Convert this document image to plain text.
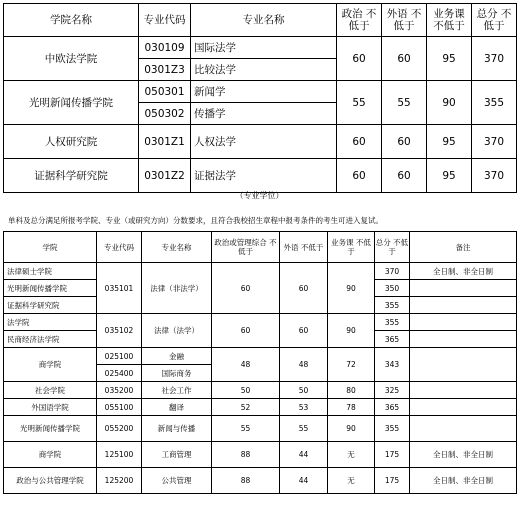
学院名称	专业代码	专业名称	政治 不低于	外语 不低于	业务课 不低于	总分 不低于
中欧法学院	030109	国际法学	60	60	95	370
	0301Z3	比较法学				
光明新闻传播学院	050301	新闻学	55	55	90	355
	050302	传播学				
人权研究院	0301Z1	人权法学	60	60	95	370
证据科学研究院	0301Z2	证据法学	60	60	95	370
（专业学位）
单科及总分满足所报考学院、专业（或研究方向）分数要求，且符合我校招生章程中报考条件的考生可进入复试。
学院	专业代码	专业名称	政治或管理综合 不低于	外语 不低于	业务课 不低于	总分 不低于	备注
法律硕士学院	035101	法律（非法学）	60	60	90	370	全日制、非全日制
光明新闻传播学院						350	
证据科学研究院						355	
法学院	035102	法律（法学）	60	60	90	355	
民商经济法学院						365	
商学院	025100	金融	48	48	72	343	
	025400	国际商务					
社会学院	035200	社会工作	50	50	80	325	
外国语学院	055100	翻译	52	53	78	365	
光明新闻传播学院	055200	新闻与传播	55	55	90	355	
商学院	125100	工商管理	88	44	无	175	全日制、非全日制
政治与公共管理学院	125200	公共管理	88	44	无	175	全日制、非全日制
